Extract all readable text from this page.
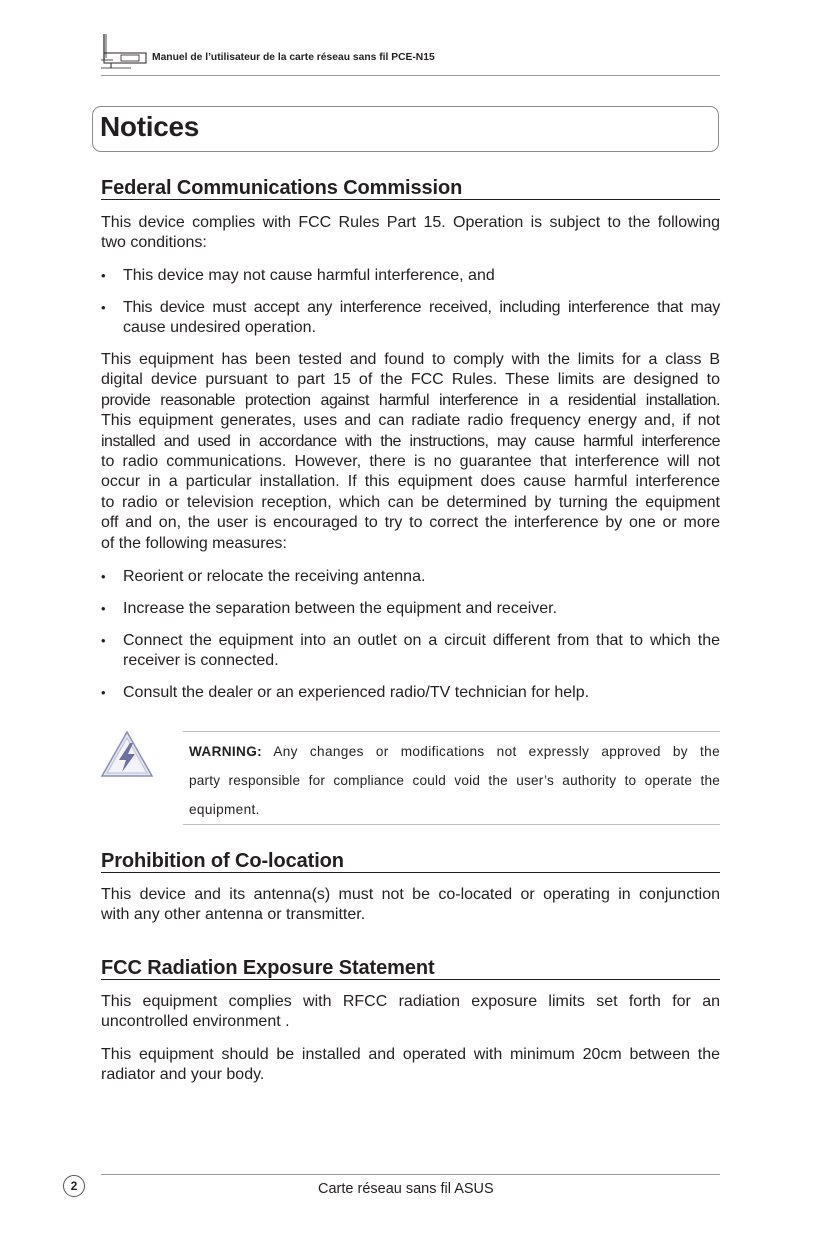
Manuel de l’utilisateur de la carte réseau sans fil PCE-N15
Notices
Federal Communications Commission
This device complies with FCC Rules Part 15. Operation is subject to the following
two conditions:
• This device may not cause harmful interference, and
• This device must accept any interference received, including interference that may
cause undesired operation.
This equipment has been tested and found to comply with the limits for a class B
digital device pursuant to part 15 of the FCC Rules. These limits are designed to
provide reasonable protection against harmful interference in a residential installation.
This equipment generates, uses and can radiate radio frequency energy and, if not
installed and used in accordance with the instructions, may cause harmful interference
to radio communications. However, there is no guarantee that interference will not
occur in a particular installation. If this equipment does cause harmful interference
to radio or television reception, which can be determined by turning the equipment
off and on, the user is encouraged to try to correct the interference by one or more
of the following measures:
• Reorient or relocate the receiving antenna.
• Increase the separation between the equipment and receiver.
• Connect the equipment into an outlet on a circuit different from that to which the
receiver is connected.
• Consult the dealer or an experienced radio/TV technician for help.
WARNING: Any changes or modifications not expressly approved by the
party responsible for compliance could void the user’s authority to operate the
equipment.
Prohibition of Co-location
This device and its antenna(s) must not be co-located or operating in conjunction
with any other antenna or transmitter.
FCC Radiation Exposure Statement
This equipment complies with RFCC radiation exposure limits set forth for an
uncontrolled environment .
This equipment should be installed and operated with minimum 20cm between the
radiator and your body.
2	Carte réseau sans fil ASUS
